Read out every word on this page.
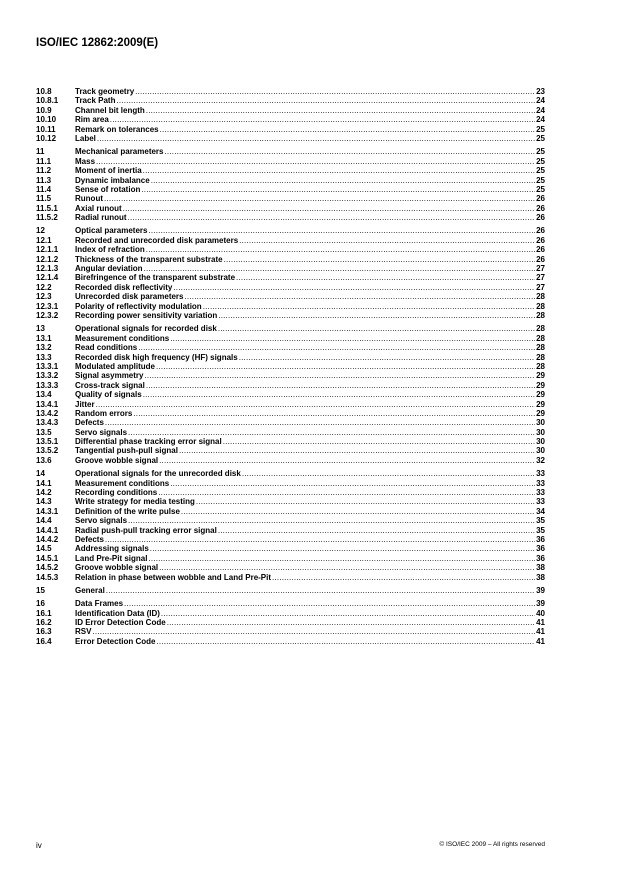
ISO/IEC 12862:2009(E)
10.8	Track geometry .....	23
10.8.1	Track Path .....	24
10.9	Channel bit length .....	24
10.10	Rim area .....	24
10.11	Remark on tolerances .....	25
10.12	Label .....	25
11	Mechanical parameters .....	25
11.1	Mass .....	25
11.2	Moment of inertia .....	25
11.3	Dynamic imbalance .....	25
11.4	Sense of rotation .....	25
11.5	Runout .....	26
11.5.1	Axial runout .....	26
11.5.2	Radial runout .....	26
12	Optical parameters .....	26
12.1	Recorded and unrecorded disk parameters .....	26
12.1.1	Index of refraction .....	26
12.1.2	Thickness of the transparent substrate .....	26
12.1.3	Angular deviation .....	27
12.1.4	Birefringence of the transparent substrate .....	27
12.2	Recorded disk reflectivity .....	27
12.3	Unrecorded disk parameters .....	28
12.3.1	Polarity of reflectivity modulation .....	28
12.3.2	Recording power sensitivity variation .....	28
13	Operational signals for recorded disk .....	28
13.1	Measurement conditions .....	28
13.2	Read conditions .....	28
13.3	Recorded disk high frequency (HF) signals .....	28
13.3.1	Modulated amplitude .....	28
13.3.2	Signal asymmetry .....	29
13.3.3	Cross-track signal .....	29
13.4	Quality of signals .....	29
13.4.1	Jitter .....	29
13.4.2	Random errors .....	29
13.4.3	Defects .....	30
13.5	Servo signals .....	30
13.5.1	Differential phase tracking error signal .....	30
13.5.2	Tangential push-pull signal .....	30
13.6	Groove wobble signal .....	32
14	Operational signals for the unrecorded disk .....	33
14.1	Measurement conditions .....	33
14.2	Recording conditions .....	33
14.3	Write strategy for media testing .....	33
14.3.1	Definition of the write pulse .....	34
14.4	Servo signals .....	35
14.4.1	Radial push-pull tracking error signal .....	35
14.4.2	Defects .....	36
14.5	Addressing signals .....	36
14.5.1	Land Pre-Pit signal .....	36
14.5.2	Groove wobble signal .....	38
14.5.3	Relation in phase between wobble and Land Pre-Pit .....	38
15	General .....	39
16	Data Frames .....	39
16.1	Identification Data (ID) .....	40
16.2	ID Error Detection Code .....	41
16.3	RSV .....	41
16.4	Error Detection Code .....	41
iv	© ISO/IEC 2009 – All rights reserved
